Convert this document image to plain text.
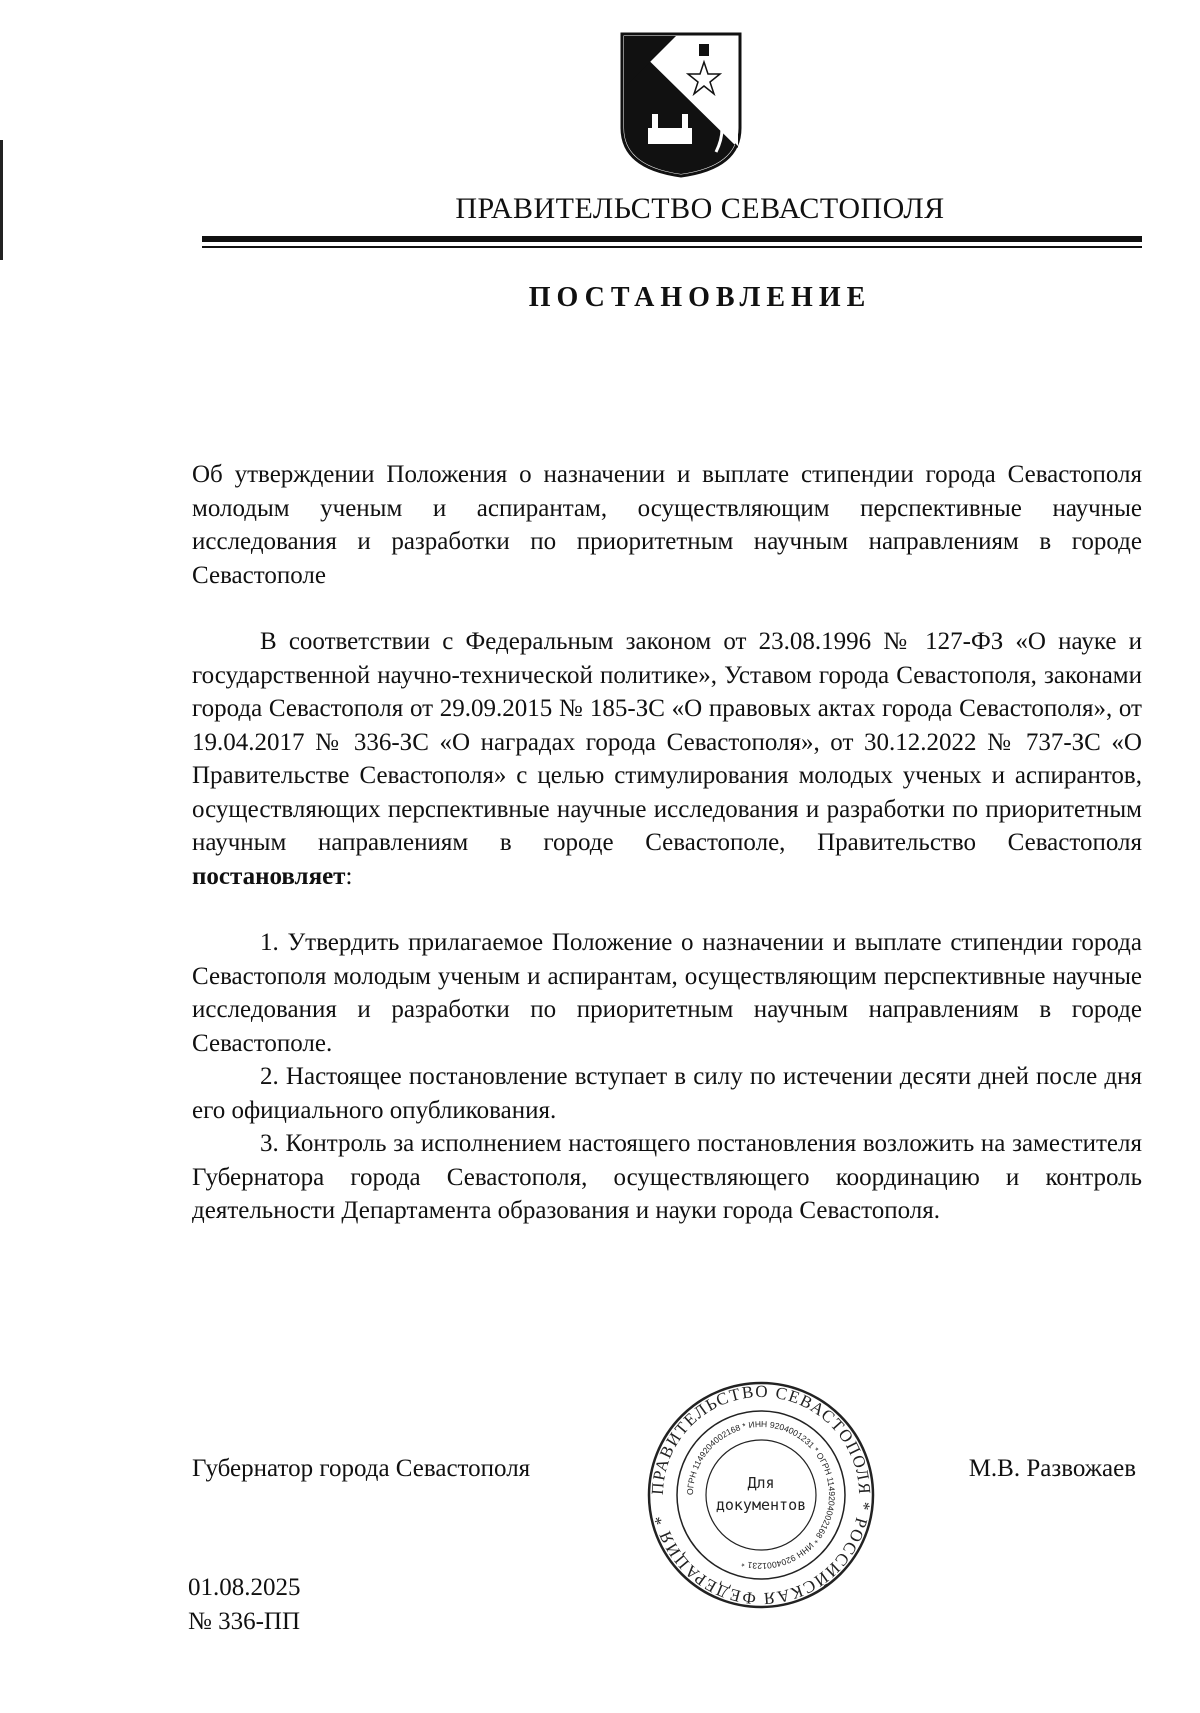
ПРАВИТЕЛЬСТВО СЕВАСТОПОЛЯ
ПОСТАНОВЛЕНИЕ

Об утверждении Положения о назначении и выплате стипендии города Севастополя молодым ученым и аспирантам, осуществляющим перспективные научные исследования и разработки по приоритетным научным направлениям в городе Севастополе

В соответствии с Федеральным законом от 23.08.1996 № 127-ФЗ «О науке и государственной научно-технической политике», Уставом города Севастополя, законами города Севастополя от 29.09.2015 № 185-ЗС «О правовых актах города Севастополя», от 19.04.2017 № 336-ЗС «О наградах города Севастополя», от 30.12.2022 № 737-ЗС «О Правительстве Севастополя» с целью стимулирования молодых ученых и аспирантов, осуществляющих перспективные научные исследования и разработки по приоритетным научным направлениям в городе Севастополе, Правительство Севастополя постановляет:

1. Утвердить прилагаемое Положение о назначении и выплате стипендии города Севастополя молодым ученым и аспирантам, осуществляющим перспективные научные исследования и разработки по приоритетным научным направлениям в городе Севастополе.

2. Настоящее постановление вступает в силу по истечении десяти дней после дня его официального опубликования.

3. Контроль за исполнением настоящего постановления возложить на заместителя Губернатора города Севастополя, осуществляющего координацию и контроль деятельности Департамента образования и науки города Севастополя.

Губернатор города Севастополя	М.В. Развожаев
ПРАВИТЕЛЬСТВО СЕВАСТОПОЛЯ * РОССИЙСКАЯ ФЕДЕРАЦИЯ *
ОГРН 1149204002168 * ИНН 9204001231 * ОГРН 1149204002168 * ИНН 9204001231 *
Для
документов
01.08.2025
№ 336-ПП
